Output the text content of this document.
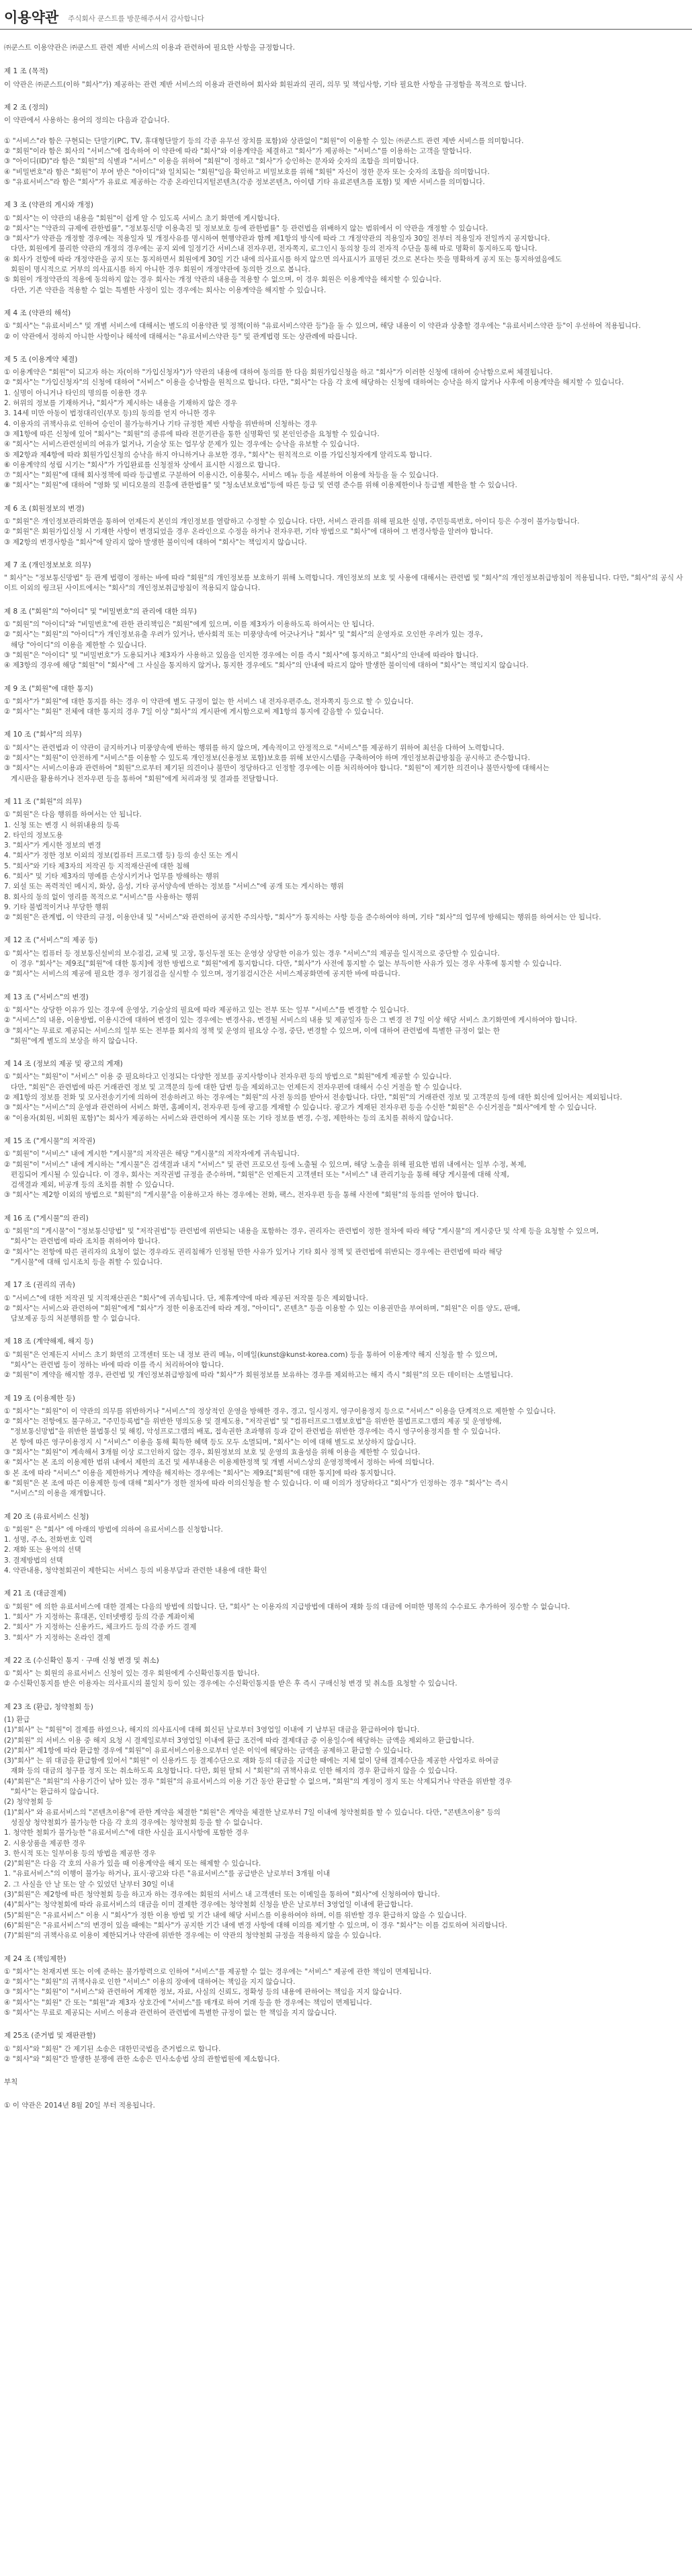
이용약관 주식회사 쿤스트를 방문해주셔서 감사합니다

㈜쿤스트 이용약관은 ㈜쿤스트 관련 제반 서비스의 이용과 관련하여 필요한 사항을 규정합니다.

제 1 조 (목적)

이 약관은 ㈜쿤스트(이하 "회사"가) 제공하는 관련 제반 서비스의 이용과 관련하여 회사와 회원과의 권리, 의무 및 책임사항, 기타 필요한 사항을 규정함을 목적으로 합니다.

제 2 조 (정의)

이 약관에서 사용하는 용어의 정의는 다음과 같습니다.

① "서비스"라 함은 구현되는 단말기(PC, TV, 휴대형단말기 등의 각종 유무선 장치를 포함)와 상관없이 "회원"이 이용할 수 있는 ㈜쿤스트 관련 제반 서비스를 의미합니다.

② "회원"이라 함은 회사의 "서비스"에 접속하여 이 약관에 따라 "회사"와 이용계약을 체결하고 "회사"가 제공하는 "서비스"를 이용하는 고객을 말합니다.

③ "아이디(ID)"라 함은 "회원"의 식별과 "서비스" 이용을 위하여 "회원"이 정하고 "회사"가 승인하는 문자와 숫자의 조합을 의미합니다.

④ "비밀번호"라 함은 "회원"이 부여 받은 "아이디"와 일치되는 "회원"임을 확인하고 비밀보호를 위해 "회원" 자신이 정한 문자 또는 숫자의 조합을 의미합니다.

⑤ "유료서비스"라 함은 "회사"가 유료로 제공하는 각종 온라인디지털콘텐츠(각종 정보콘텐츠, 아이템 기타 유료콘텐츠를 포함) 및 제반 서비스를 의미합니다.

제 3 조 (약관의 게시와 개정)

① "회사"는 이 약관의 내용을 "회원"이 쉽게 알 수 있도록 서비스 초기 화면에 게시합니다.

② "회사"는 "약관의 규제에 관한법률", "정보통신망 이용촉진 및 정보보호 등에 관한법률" 등 관련법을 위배하지 않는 범위에서 이 약관을 개정할 수 있습니다.

③ "회사"가 약관을 개정할 경우에는 적용일자 및 개정사유를 명시하여 현행약관과 함께 제1항의 방식에 따라 그 개정약관의 적용일자 30일 전부터 적용일자 전일까지 공지합니다.

다만, 회원에게 불리한 약관의 개정의 경우에는 공지 외에 일정기간 서비스내 전자우편, 전자쪽지, 로그인시 동의창 등의 전자적 수단을 통해 따로 명확히 통지하도록 합니다.

④ 회사가 전항에 따라 개정약관을 공지 또는 통지하면서 회원에게 30일 기간 내에 의사표시를 하지 않으면 의사표시가 표명된 것으로 본다는 뜻을 명확하게 공지 또는 통지하였음에도

회원이 명시적으로 거부의 의사표시를 하지 아니한 경우 회원이 개정약관에 동의한 것으로 봅니다.

⑤ 회원이 개정약관의 적용에 동의하지 않는 경우 회사는 개정 약관의 내용을 적용할 수 없으며, 이 경우 회원은 이용계약을 해지할 수 있습니다.

다만, 기존 약관을 적용할 수 없는 특별한 사정이 있는 경우에는 회사는 이용계약을 해지할 수 있습니다.

제 4 조 (약관의 해석)

① "회사"는 "유료서비스" 및 개별 서비스에 대해서는 별도의 이용약관 및 정책(이하 "유료서비스약관 등")을 둘 수 있으며, 해당 내용이 이 약관과 상충할 경우에는 "유료서비스약관 등"이 우선하여 적용됩니다.

② 이 약관에서 정하지 아니한 사항이나 해석에 대해서는 "유료서비스약관 등" 및 관계법령 또는 상관례에 따릅니다.

제 5 조 (이용계약 체결)

① 이용계약은 "회원"이 되고자 하는 자(이하 "가입신청자")가 약관의 내용에 대하여 동의를 한 다음 회원가입신청을 하고 "회사"가 이러한 신청에 대하여 승낙함으로써 체결됩니다.

② "회사"는 "가입신청자"의 신청에 대하여 "서비스" 이용을 승낙함을 원칙으로 합니다. 다만, "회사"는 다음 각 호에 해당하는 신청에 대하여는 승낙을 하지 않거나 사후에 이용계약을 해지할 수 있습니다.

1. 실명이 아니거나 타인의 명의를 이용한 경우

2. 허위의 정보를 기재하거나, "회사"가 제시하는 내용을 기재하지 않은 경우

3. 14세 미만 아동이 법정대리인(부모 등)의 동의를 얻지 아니한 경우

4. 이용자의 귀책사유로 인하여 승인이 불가능하거나 기타 규정한 제반 사항을 위반하며 신청하는 경우

③ 제1항에 따른 신청에 있어 "회사"는 "회원"의 종류에 따라 전문기관을 통한 실명확인 및 본인인증을 요청할 수 있습니다.

④ "회사"는 서비스관련설비의 여유가 없거나, 기술상 또는 업무상 문제가 있는 경우에는 승낙을 유보할 수 있습니다.

⑤ 제2항과 제4항에 따라 회원가입신청의 승낙을 하지 아니하거나 유보한 경우, "회사"는 원칙적으로 이를 가입신청자에게 알리도록 합니다.

⑥ 이용계약의 성립 시기는 "회사"가 가입완료를 신청절차 상에서 표시한 시점으로 합니다.

⑦ "회사"는 "회원"에 대해 회사정책에 따라 등급별로 구분하여 이용시간, 이용횟수, 서비스 메뉴 등을 세분하여 이용에 차등을 둘 수 있습니다.

⑧ "회사"는 "회원"에 대하여 "영화 및 비디오물의 진흥에 관한법률" 및 "청소년보호법"등에 따른 등급 및 연령 준수를 위해 이용제한이나 등급별 제한을 할 수 있습니다.

제 6 조 (회원정보의 변경)

① "회원"은 개인정보관리화면을 통하여 언제든지 본인의 개인정보를 열람하고 수정할 수 있습니다. 다만, 서비스 관리를 위해 필요한 실명, 주민등록번호, 아이디 등은 수정이 불가능합니다.

② "회원"은 회원가입신청 시 기재한 사항이 변경되었을 경우 온라인으로 수정을 하거나 전자우편, 기타 방법으로 "회사"에 대하여 그 변경사항을 알려야 합니다.

③ 제2항의 변경사항을 "회사"에 알리지 않아 발생한 불이익에 대하여 "회사"는 책임지지 않습니다.

제 7 조 (개인정보보호 의무)

" 회사"는 "정보통신망법" 등 관계 법령이 정하는 바에 따라 "회원"의 개인정보를 보호하기 위해 노력합니다. 개인정보의 보호 및 사용에 대해서는 관련법 및 "회사"의 개인정보취급방침이 적용됩니다. 다만, "회사"의 공식 사이트 이외의 링크된 사이트에서는 "회사"의 개인정보취급방침이 적용되지 않습니다.

제 8 조 ("회원"의 "아이디" 및 "비밀번호"의 관리에 대한 의무)

① "회원"의 "아이디"와 "비밀번호"에 관한 관리책임은 "회원"에게 있으며, 이를 제3자가 이용하도록 하여서는 안 됩니다.

② "회사"는 "회원"의 "아이디"가 개인정보유출 우려가 있거나, 반사회적 또는 미풍양속에 어긋나거나 "회사" 및 "회사"의 운영자로 오인한 우려가 있는 경우,

해당 "아이디"의 이용을 제한할 수 있습니다.

③ "회원"은 "아이디" 및 "비밀번호"가 도용되거나 제3자가 사용하고 있음을 인지한 경우에는 이를 즉시 "회사"에 통지하고 "회사"의 안내에 따라야 합니다.

④ 제3항의 경우에 해당 "회원"이 "회사"에 그 사실을 통지하지 않거나, 통지한 경우에도 "회사"의 안내에 따르지 않아 발생한 불이익에 대하여 "회사"는 책임지지 않습니다.

제 9 조 ("회원"에 대한 통지)

① "회사"가 "회원"에 대한 통지를 하는 경우 이 약관에 별도 규정이 없는 한 서비스 내 전자우편주소, 전자쪽지 등으로 할 수 있습니다.

② "회사"는 "회원" 전체에 대한 통지의 경우 7일 이상 "회사"의 게시판에 게시함으로써 제1항의 통지에 갈음할 수 있습니다.

제 10 조 ("회사"의 의무)

① "회사"는 관련법과 이 약관이 금지하거나 미풍양속에 반하는 행위를 하지 않으며, 계속적이고 안정적으로 "서비스"를 제공하기 위하여 최선을 다하여 노력합니다.

② "회사"는 "회원"이 안전하게 "서비스"를 이용할 수 있도록 개인정보(신용정보 포함)보호를 위해 보안시스템을 구축하여야 하며 개인정보취급방침을 공시하고 준수합니다.

③ "회사"는 서비스이용과 관련하여 "회원"으로부터 제기된 의견이나 불만이 정당하다고 인정할 경우에는 이를 처리하여야 합니다. "회원"이 제기한 의견이나 불만사항에 대해서는

게시판을 활용하거나 전자우편 등을 통하여 "회원"에게 처리과정 및 결과를 전달합니다.

제 11 조 ("회원"의 의무)

① "회원"은 다음 행위를 하여서는 안 됩니다.

1. 신청 또는 변경 시 허위내용의 등록

2. 타인의 정보도용

3. "회사"가 게시한 정보의 변경

4. "회사"가 정한 정보 이외의 정보(컴퓨터 프로그램 등) 등의 송신 또는 게시

5. "회사"와 기타 제3자의 저작권 등 지적재산권에 대한 침해

6. "회사" 및 기타 제3자의 명예를 손상시키거나 업무를 방해하는 행위

7. 외설 또는 폭력적인 메시지, 화상, 음성, 기타 공서양속에 반하는 정보를 "서비스"에 공개 또는 게시하는 행위

8. 회사의 동의 없이 영리를 목적으로 "서비스"를 사용하는 행위

9. 기타 불법적이거나 부당한 행위

② "회원"은 관계법, 이 약관의 규정, 이용안내 및 "서비스"와 관련하여 공지한 주의사항, "회사"가 통지하는 사항 등을 준수하여야 하며, 기타 "회사"의 업무에 방해되는 행위를 하여서는 안 됩니다.

제 12 조 ("서비스"의 제공 등)

① "회사"는 컴퓨터 등 정보통신설비의 보수점검, 교체 및 고장, 통신두절 또는 운영상 상당한 이유가 있는 경우 "서비스"의 제공을 일시적으로 중단할 수 있습니다.

이 경우 "회사"는 제9조["회원"에 대한 통지]에 정한 방법으로 "회원"에게 통지합니다. 다만, "회사"가 사전에 통지할 수 없는 부득이한 사유가 있는 경우 사후에 통지할 수 있습니다.

② "회사"는 서비스의 제공에 필요한 경우 정기점검을 실시할 수 있으며, 정기점검시간은 서비스제공화면에 공지한 바에 따릅니다.

제 13 조 ("서비스"의 변경)

① "회사"는 상당한 이유가 있는 경우에 운영상, 기술상의 필요에 따라 제공하고 있는 전부 또는 일부 "서비스"를 변경할 수 있습니다.

② "서비스"의 내용, 이용방법, 이용시간에 대하여 변경이 있는 경우에는 변경사유, 변경될 서비스의 내용 및 제공일자 등은 그 변경 전 7일 이상 해당 서비스 초기화면에 게시하여야 합니다.

③ "회사"는 무료로 제공되는 서비스의 일부 또는 전부를 회사의 정책 및 운영의 필요상 수정, 중단, 변경할 수 있으며, 이에 대하여 관련법에 특별한 규정이 없는 한

"회원"에게 별도의 보상을 하지 않습니다.

제 14 조 (정보의 제공 및 광고의 게재)

① "회사"는 "회원"이 "서비스" 이용 중 필요하다고 인정되는 다양한 정보를 공지사항이나 전자우편 등의 방법으로 "회원"에게 제공할 수 있습니다.

다만, "회원"은 관련법에 따른 거래관련 정보 및 고객문의 등에 대한 답변 등을 제외하고는 언제든지 전자우편에 대해서 수신 거절을 할 수 있습니다.

② 제1항의 정보를 전화 및 모사전송기기에 의하여 전송하려고 하는 경우에는 "회원"의 사전 동의를 받아서 전송합니다. 다만, "회원"의 거래관련 정보 및 고객문의 등에 대한 회신에 있어서는 제외됩니다.

③ "회사"는 "서비스"의 운영과 관련하여 서비스 화면, 홈페이지, 전자우편 등에 광고를 게재할 수 있습니다. 광고가 게재된 전자우편 등을 수신한 "회원"은 수신거절을 "회사"에게 할 수 있습니다.

④ "이용자(회원, 비회원 포함)"는 회사가 제공하는 서비스와 관련하여 게시물 또는 기타 정보를 변경, 수정, 제한하는 등의 조치를 취하지 않습니다.

제 15 조 ("게시물"의 저작권)

① "회원"이 "서비스" 내에 게시한 "게시물"의 저작권은 해당 "게시물"의 저작자에게 귀속됩니다.

② "회원"이 "서비스" 내에 게시하는 "게시물"은 검색결과 내지 "서비스" 및 관련 프로모션 등에 노출될 수 있으며, 해당 노출을 위해 필요한 범위 내에서는 일부 수정, 복제,

편집되어 게시될 수 있습니다. 이 경우, 회사는 저작권법 규정을 준수하며, "회원"은 언제든지 고객센터 또는 "서비스" 내 관리기능을 통해 해당 게시물에 대해 삭제,

검색결과 제외, 비공개 등의 조치를 취할 수 있습니다.

③ "회사"는 제2항 이외의 방법으로 "회원"의 "게시물"을 이용하고자 하는 경우에는 전화, 팩스, 전자우편 등을 통해 사전에 "회원"의 동의를 얻어야 합니다.

제 16 조 ("게시물"의 관리)

① "회원"의 "게시물"이 "정보통신망법" 및 "저작권법"등 관련법에 위반되는 내용을 포함하는 경우, 권리자는 관련법이 정한 절차에 따라 해당 "게시물"의 게시중단 및 삭제 등을 요청할 수 있으며,

"회사"는 관련법에 따라 조치를 취하여야 합니다.

② "회사"는 전항에 따른 권리자의 요청이 없는 경우라도 권리침해가 인정될 만한 사유가 있거나 기타 회사 정책 및 관련법에 위반되는 경우에는 관련법에 따라 해당

"게시물"에 대해 임시조치 등을 취할 수 있습니다.

제 17 조 (권리의 귀속)

① "서비스"에 대한 저작권 및 지적재산권은 "회사"에 귀속됩니다. 단, 제휴계약에 따라 제공된 저작물 등은 제외합니다.

② "회사"는 서비스와 관련하여 "회원"에게 "회사"가 정한 이용조건에 따라 계정, "아이디", 콘텐츠" 등을 이용할 수 있는 이용권만을 부여하며, "회원"은 이를 양도, 판매,

담보제공 등의 처분행위를 할 수 없습니다.

제 18 조 (계약해제, 해지 등)

① "회원"은 언제든지 서비스 초기 화면의 고객센터 또는 내 정보 관리 메뉴, 이메일(kunst@kunst-korea.com) 등을 통하여 이용계약 해지 신청을 할 수 있으며,

"회사"는 관련법 등이 정하는 바에 따라 이를 즉시 처리하여야 합니다.

② "회원"이 계약을 해지할 경우, 관련법 및 개인정보취급방침에 따라 "회사"가 회원정보를 보유하는 경우를 제외하고는 해지 즉시 "회원"의 모든 데이터는 소멸됩니다.

제 19 조 (이용제한 등)

① "회사"는 "회원"이 이 약관의 의무를 위반하거나 "서비스"의 정상적인 운영을 방해한 경우, 경고, 일시정지, 영구이용정지 등으로 "서비스" 이용을 단계적으로 제한할 수 있습니다.

② "회사"는 전항에도 불구하고, "주민등록법"을 위반한 명의도용 및 결제도용, "저작권법" 및 "컴퓨터프로그램보호법"을 위반한 불법프로그램의 제공 및 운영방해,

"정보통신망법"을 위반한 불법통신 및 해킹, 악성프로그램의 배포, 접속권한 초과행위 등과 같이 관련법을 위반한 경우에는 즉시 영구이용정지를 할 수 있습니다.

본 항에 따른 영구이용정지 시 "서비스" 이용을 통해 획득한 혜택 등도 모두 소멸되며, "회사"는 이에 대해 별도로 보상하지 않습니다.

③ "회사"는 "회원"이 계속해서 3개월 이상 로그인하지 않는 경우, 회원정보의 보호 및 운영의 효율성을 위해 이용을 제한할 수 있습니다.

④ "회사"는 본 조의 이용제한 범위 내에서 제한의 조건 및 세부내용은 이용제한정책 및 개별 서비스상의 운영정책에서 정하는 바에 의합니다.

⑤ 본 조에 따라 "서비스" 이용을 제한하거나 계약을 해지하는 경우에는 "회사"는 제9조["회원"에 대한 통지]에 따라 통지합니다.

⑥ "회원"은 본 조에 따른 이용제한 등에 대해 "회사"가 정한 절차에 따라 이의신청을 할 수 있습니다. 이 때 이의가 정당하다고 "회사"가 인정하는 경우 "회사"는 즉시

"서비스"의 이용을 재개합니다.

제 20 조 (유료서비스 신청)

① "회원" 은 "회사" 에 아래의 방법에 의하여 유료서비스를 신청합니다.

1. 성명, 주소, 전화번호 입력

2. 재화 또는 용역의 선택

3. 결제방법의 선택

4. 약관내용, 청약철회권이 제한되는 서비스 등의 비용부담과 관련한 내용에 대한 확인

제 21 조 (대금결제)

① "회원" 에 의한 유료서비스에 대한 결제는 다음의 방법에 의합니다. 단, "회사" 는 이용자의 지급방법에 대하여 재화 등의 대금에 어떠한 명목의 수수료도 추가하여 징수할 수 없습니다.

1. "회사" 가 지정하는 휴대폰, 인터넷뱅킹 등의 각종 계좌이체

2. "회사" 가 지정하는 신용카드, 체크카드 등의 각종 카드 결제

3. "회사" 가 지정하는 온라인 결제

제 22 조 (수신확인 통지 · 구매 신청 변경 및 취소)

① "회사" 는 회원의 유료서비스 신청이 있는 경우 회원에게 수신확인통지를 합니다.

② 수신확인통지를 받은 이용자는 의사표시의 불일치 등이 있는 경우에는 수신확인통지를 받은 후 즉시 구매신청 변경 및 취소를 요청할 수 있습니다.

제 23 조 (환급, 청약철회 등)

(1) 환급

(1)"회사" 는 "회원"이 결제를 하였으나, 해지의 의사표시에 대해 회신된 날로부터 3영업일 이내에 기 납부된 대금을 환급하여야 합니다.

(2)"회원" 의 서비스 이용 중 해지 요청 시 결제일로부터 3영업일 이내에 환급 조건에 따라 결제대금 중 이용일수에 해당하는 금액을 제외하고 환급합니다.

(2)"회사" 제1항에 따라 환급할 경우에 "회원"이 유료서비스이용으로부터 얻은 이익에 해당하는 금액을 공제하고 환급할 수 있습니다.

(3)"회사" 는 위 대금을 환급함에 있어서 "회원" 이 신용카드 등 결제수단으로 재화 등의 대금을 지급한 때에는 지체 없이 당해 결제수단을 제공한 사업자로 하여금

재화 등의 대금의 청구를 정지 또는 취소하도록 요청합니다. 다만, 회원 탈퇴 시 "회원"의 귀책사유로 인한 해지의 경우 환급하지 않을 수 있습니다.

(4)"회원"은 "회원"의 사용기간이 남아 있는 경우 "회원"의 유료서비스의 이용 기간 동안 환급할 수 없으며, "회원"의 계정이 정지 또는 삭제되거나 약관을 위반할 경우

"회사"는 환급하지 않습니다.

(2) 청약철회 등

(1)"회사" 와 유료서비스의 "콘텐츠이용"에 관한 계약을 체결한 "회원"은 계약을 체결한 날로부터 7일 이내에 청약철회를 할 수 있습니다. 다만, "콘텐츠이용" 등의

성질상 청약철회가 불가능한 다음 각 호의 경우에는 청약철회 등을 할 수 없습니다.

1. 청약한 철회가 불가능한 "유료서비스"에 대한 사실을 표시사항에 포함한 경우

2. 시용상품을 제공한 경우

3. 한시적 또는 일부이용 등의 방법을 제공한 경우

(2)"회원"은 다음 각 호의 사유가 있을 때 이용계약을 해지 또는 해제할 수 있습니다.

1. "유료서비스"의 이행이 불가능 하거나, 표시·광고와 다른 "유료서비스"를 공급받은 날로부터 3개월 이내

2. 그 사실을 안 날 또는 알 수 있었던 날부터 30일 이내

(3)"회원"은 제2항에 따른 청약철회 등을 하고자 하는 경우에는 회원의 서비스 내 고객센터 또는 이메일을 통하여 "회사"에 신청하여야 합니다.

(4)"회사"는 청약철회에 따라 유료서비스의 대금을 이미 결제한 경우에는 청약철회 신청을 받은 날로부터 3영업일 이내에 환급합니다.

(5)"회원"은 "유료서비스" 이용 시 "회사"가 정한 이용 방법 및 기간 내에 해당 서비스를 이용하여야 하며, 이를 위반할 경우 환급하지 않을 수 있습니다.

(6)"회원"은 "유료서비스"의 변경이 있을 때에는 "회사"가 공지한 기간 내에 변경 사항에 대해 이의를 제기할 수 있으며, 이 경우 "회사"는 이를 검토하여 처리합니다.

(7)"회원"의 귀책사유로 이용이 제한되거나 약관에 위반한 경우에는 이 약관의 청약철회 규정을 적용하지 않을 수 있습니다.

제 24 조 (책임제한)

① "회사"는 천재지변 또는 이에 준하는 불가항력으로 인하여 "서비스"를 제공할 수 없는 경우에는 "서비스" 제공에 관한 책임이 면제됩니다.

② "회사"는 "회원"의 귀책사유로 인한 "서비스" 이용의 장애에 대하여는 책임을 지지 않습니다.

③ "회사"는 "회원"이 "서비스"와 관련하여 게재한 정보, 자료, 사실의 신뢰도, 정확성 등의 내용에 관하여는 책임을 지지 않습니다.

④ "회사"는 "회원" 간 또는 "회원"과 제3자 상호간에 "서비스"를 매개로 하여 거래 등을 한 경우에는 책임이 면제됩니다.

⑤ "회사"는 무료로 제공되는 서비스 이용과 관련하여 관련법에 특별한 규정이 없는 한 책임을 지지 않습니다.

제 25조 (준거법 및 재판관할)

① "회사"와 "회원" 간 제기된 소송은 대한민국법을 준거법으로 합니다.

② "회사"와 "회원"간 발생한 분쟁에 관한 소송은 민사소송법 상의 관할법원에 제소합니다.

부칙

① 이 약관은 2014년 8월 20일 부터 적용됩니다.
